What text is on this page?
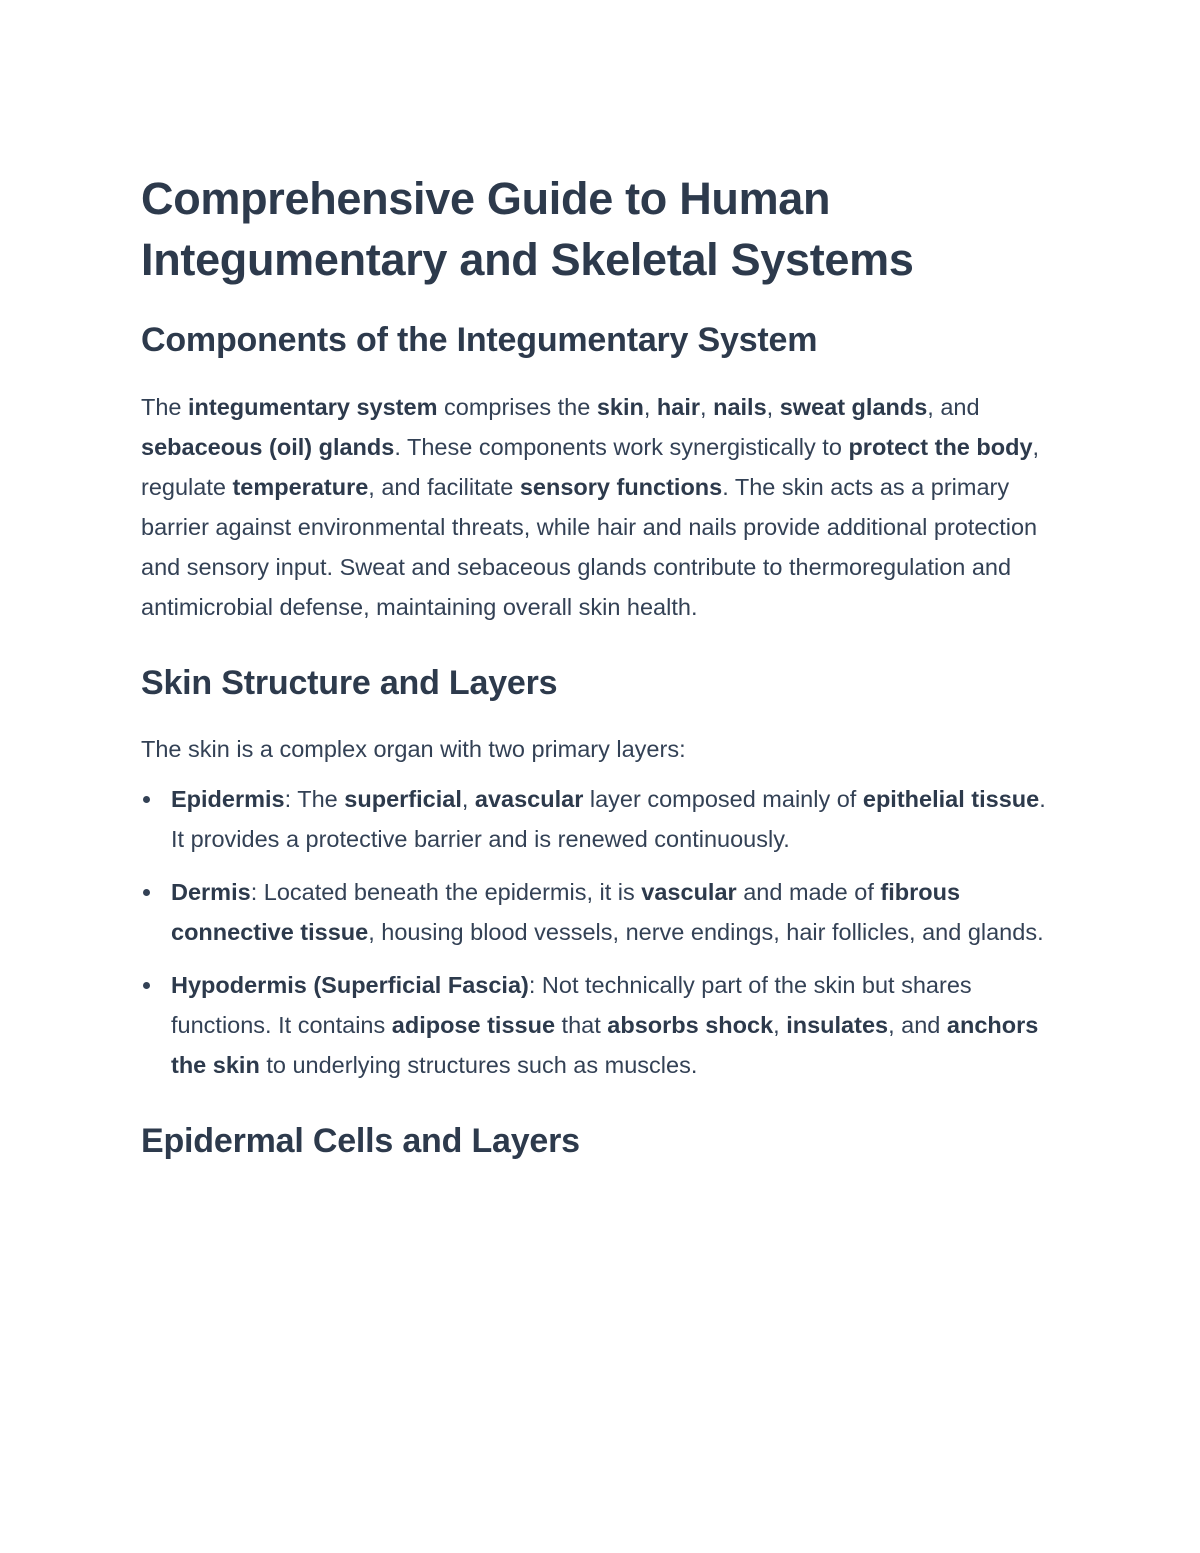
Comprehensive Guide to Human Integumentary and Skeletal Systems
Components of the Integumentary System

The integumentary system comprises the skin, hair, nails, sweat glands, and sebaceous (oil) glands. These components work synergistically to protect the body, regulate temperature, and facilitate sensory functions. The skin acts as a primary barrier against environmental threats, while hair and nails provide additional protection and sensory input. Sweat and sebaceous glands contribute to thermoregulation and antimicrobial defense, maintaining overall skin health.

Skin Structure and Layers

The skin is a complex organ with two primary layers:

Epidermis: The superficial, avascular layer composed mainly of epithelial tissue. It provides a protective barrier and is renewed continuously.
Dermis: Located beneath the epidermis, it is vascular and made of fibrous connective tissue, housing blood vessels, nerve endings, hair follicles, and glands.
Hypodermis (Superficial Fascia): Not technically part of the skin but shares functions. It contains adipose tissue that absorbs shock, insulates, and anchors the skin to underlying structures such as muscles.
Epidermal Cells and Layers
